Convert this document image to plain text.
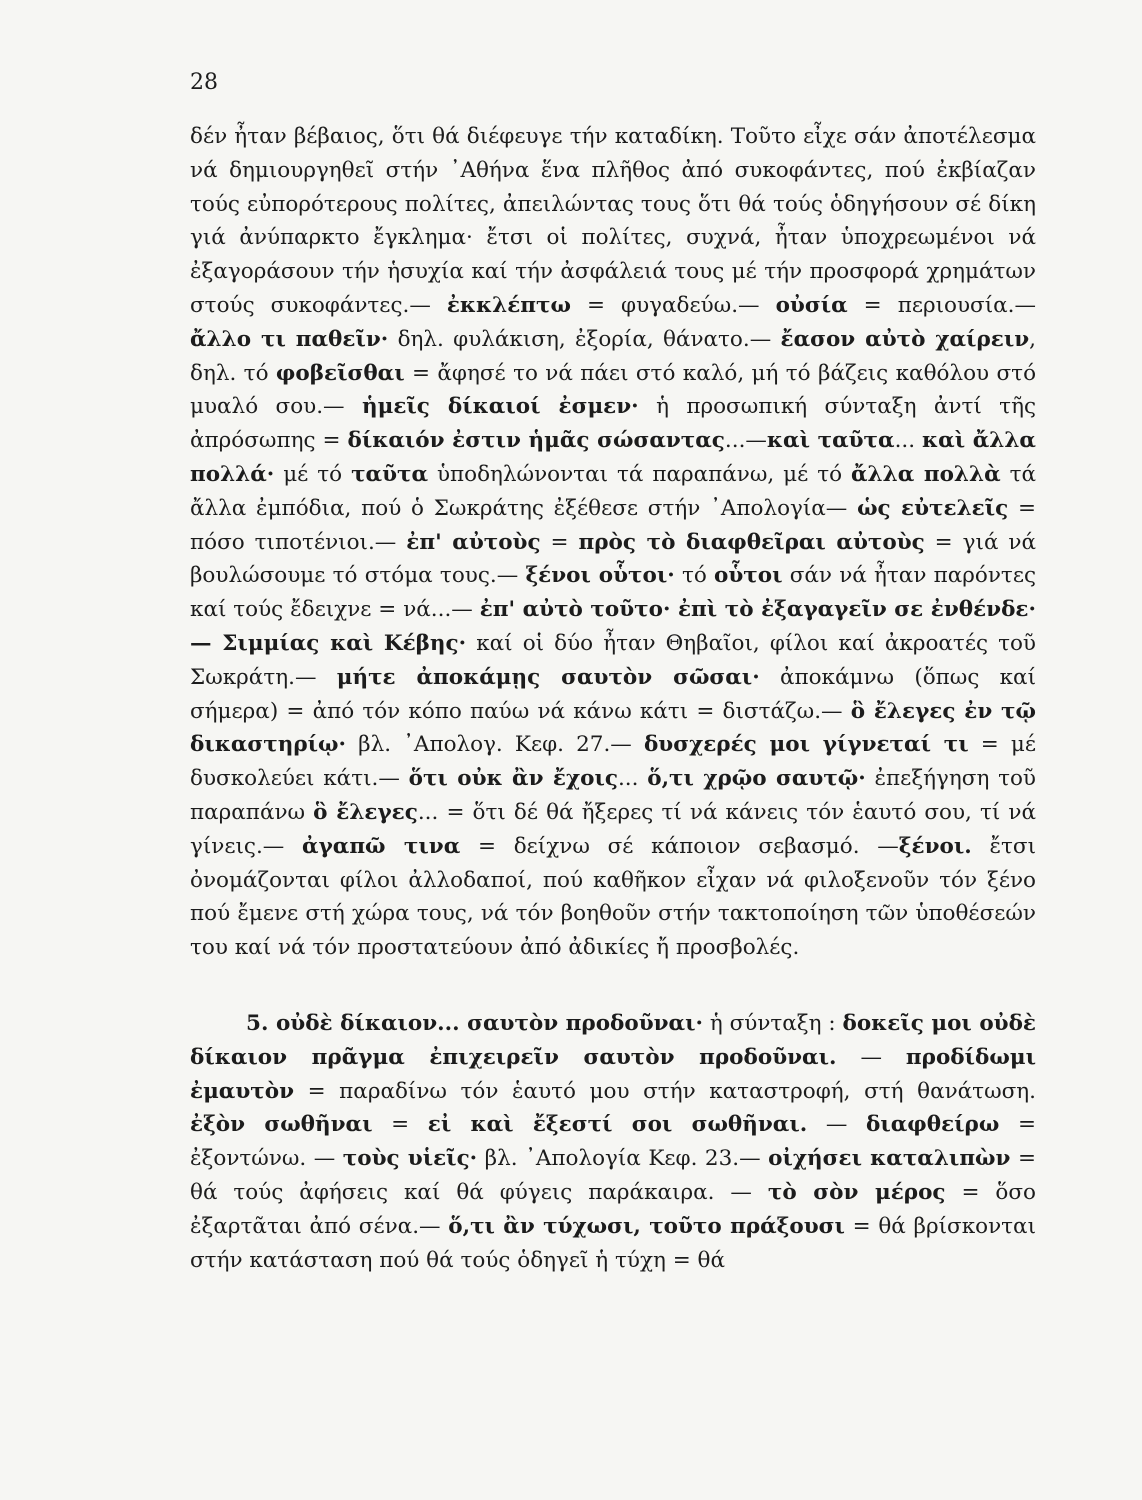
28

δέν ἦταν βέβαιος, ὅτι θά διέφευγε τήν καταδίκη. Τοῦτο εἶχε σάν ἀποτέλεσμα νά δημιουργηθεῖ στήν ᾿Αθήνα ἕνα πλῆθος ἀπό συκοφάντες, πού ἐκβίαζαν τούς εὐπορότερους πολίτες, ἀπειλώντας τους ὅτι θά τούς ὁδηγήσουν σέ δίκη γιά ἀνύπαρκτο ἔγκλημα· ἔτσι οἱ πολίτες, συχνά, ἦταν ὑποχρεωμένοι νά ἐξαγοράσουν τήν ἡσυχία καί τήν ἀσφάλειά τους μέ τήν προσφορά χρημάτων στούς συκοφάντες.— ἐκκλέπτω = φυγαδεύω.— οὐσία = περιουσία.— ἄλλο τι παθεῖν· δηλ. φυλάκιση, ἐξορία, θάνατο.— ἔασον αὐτὸ χαίρειν, δηλ. τό φοβεῖσθαι = ἄφησέ το νά πάει στό καλό, μή τό βάζεις καθόλου στό μυαλό σου.— ἡμεῖς δίκαιοί ἐσμεν· ἡ προσωπική σύνταξη ἀντί τῆς ἀπρόσωπης = δίκαιόν ἐστιν ἡμᾶς σώσαντας...—καὶ ταῦτα... καὶ ἄλλα πολλά· μέ τό ταῦτα ὑποδηλώνονται τά παραπάνω, μέ τό ἄλλα πολλὰ τά ἄλλα ἐμπόδια, πού ὁ Σωκράτης ἐξέθεσε στήν ᾿Απολογία— ὡς εὐτελεῖς = πόσο τιποτένιοι.— ἐπ' αὐτοὺς = πρὸς τὸ διαφθεῖραι αὐτοὺς = γιά νά βουλώσουμε τό στόμα τους.— ξένοι οὗτοι· τό οὗτοι σάν νά ἦταν παρόντες καί τούς ἔδειχνε = νά...— ἐπ' αὐτὸ τοῦτο· ἐπὶ τὸ ἐξαγαγεῖν σε ἐνθένδε·— Σιμμίας καὶ Κέβης· καί οἱ δύο ἦταν Θηβαῖοι, φίλοι καί ἀκροατές τοῦ Σωκράτη.— μήτε ἀποκάμῃς σαυτὸν σῶσαι· ἀποκάμνω (ὅπως καί σήμερα) = ἀπό τόν κόπο παύω νά κάνω κάτι = διστάζω.— ὃ ἔλεγες ἐν τῷ δικαστηρίῳ· βλ. ᾿Απολογ. Κεφ. 27.— δυσχερές μοι γίγνεταί τι = μέ δυσκολεύει κάτι.— ὅτι οὐκ ἂν ἔχοις... ὅ,τι χρῷο σαυτῷ· ἐπεξήγηση τοῦ παραπάνω ὃ ἔλεγες... = ὅτι δέ θά ἤξερες τί νά κάνεις τόν ἑαυτό σου, τί νά γίνεις.— ἀγαπῶ τινα = δείχνω σέ κάποιον σεβασμό. —ξένοι. ἔτσι ὀνομάζονται φίλοι ἀλλοδαποί, πού καθῆκον εἶχαν νά φιλοξενοῦν τόν ξένο πού ἔμενε στή χώρα τους, νά τόν βοηθοῦν στήν τακτοποίηση τῶν ὑποθέσεών του καί νά τόν προστατεύουν ἀπό ἀδικίες ἤ προσβολές.

5. οὐδὲ δίκαιον... σαυτὸν προδοῦναι· ἡ σύνταξη : δοκεῖς μοι οὐδὲ δίκαιον πρᾶγμα ἐπιχειρεῖν σαυτὸν προδοῦναι. — προδίδωμι ἐμαυτὸν = παραδίνω τόν ἑαυτό μου στήν καταστροφή, στή θανάτωση. ἐξὸν σωθῆναι = εἰ καὶ ἔξεστί σοι σωθῆναι. — διαφθείρω = ἐξοντώνω. — τοὺς υἱεῖς· βλ. ᾿Απολογία Κεφ. 23.— οἰχήσει καταλιπὼν = θά τούς ἀφήσεις καί θά φύγεις παράκαιρα. — τὸ σὸν μέρος = ὅσο ἐξαρτᾶται ἀπό σένα.— ὅ,τι ἂν τύχωσι, τοῦτο πράξουσι = θά βρίσκονται στήν κατάσταση πού θά τούς ὁδηγεῖ ἡ τύχη = θά
